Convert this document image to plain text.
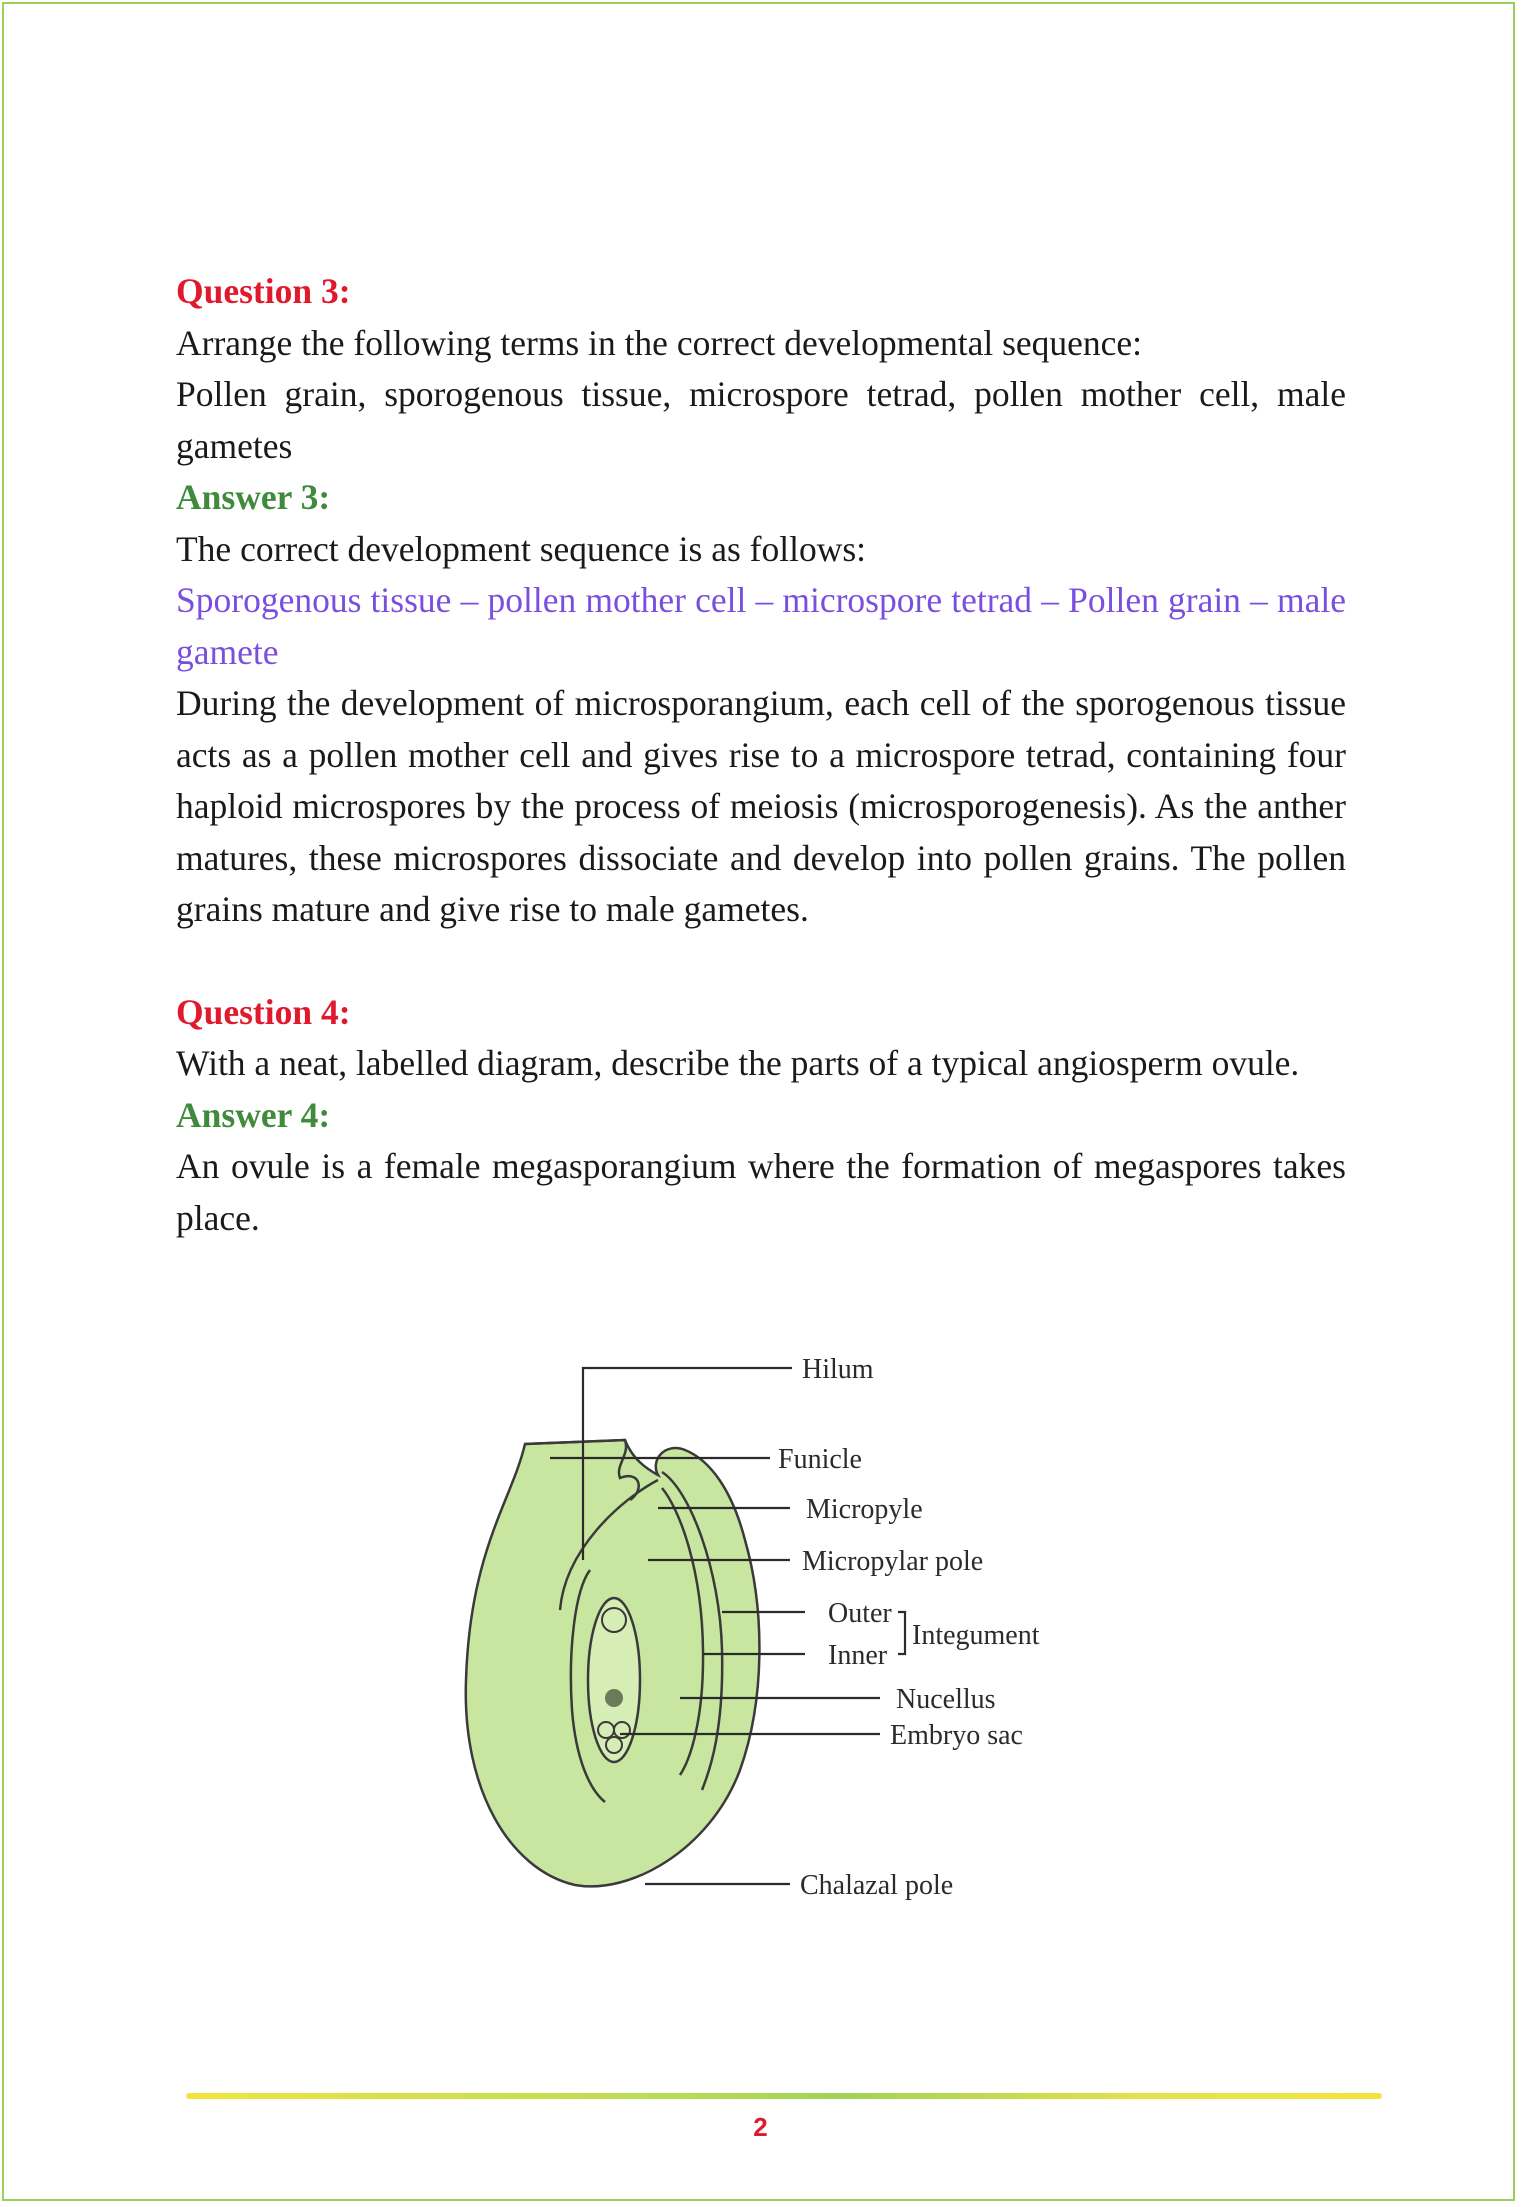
Question 3:

Arrange the following terms in the correct developmental sequence:

Pollen grain, sporogenous tissue, microspore tetrad, pollen mother cell, male gametes

Answer 3:

The correct development sequence is as follows:

Sporogenous tissue – pollen mother cell – microspore tetrad – Pollen grain – male gamete

During the development of microsporangium, each cell of the sporogenous tissue acts as a pollen mother cell and gives rise to a microspore tetrad, containing four haploid microspores by the process of meiosis (microsporogenesis). As the anther matures, these microspores dissociate and develop into pollen grains. The pollen grains mature and give rise to male gametes.

Question 4:

With a neat, labelled diagram, describe the parts of a typical angiosperm ovule.

Answer 4:

An ovule is a female megasporangium where the formation of megaspores takes place.

Hilum
Funicle
Micropyle
Micropylar pole
Outer
Inner
Integument
Nucellus
Embryo sac
Chalazal pole
2
